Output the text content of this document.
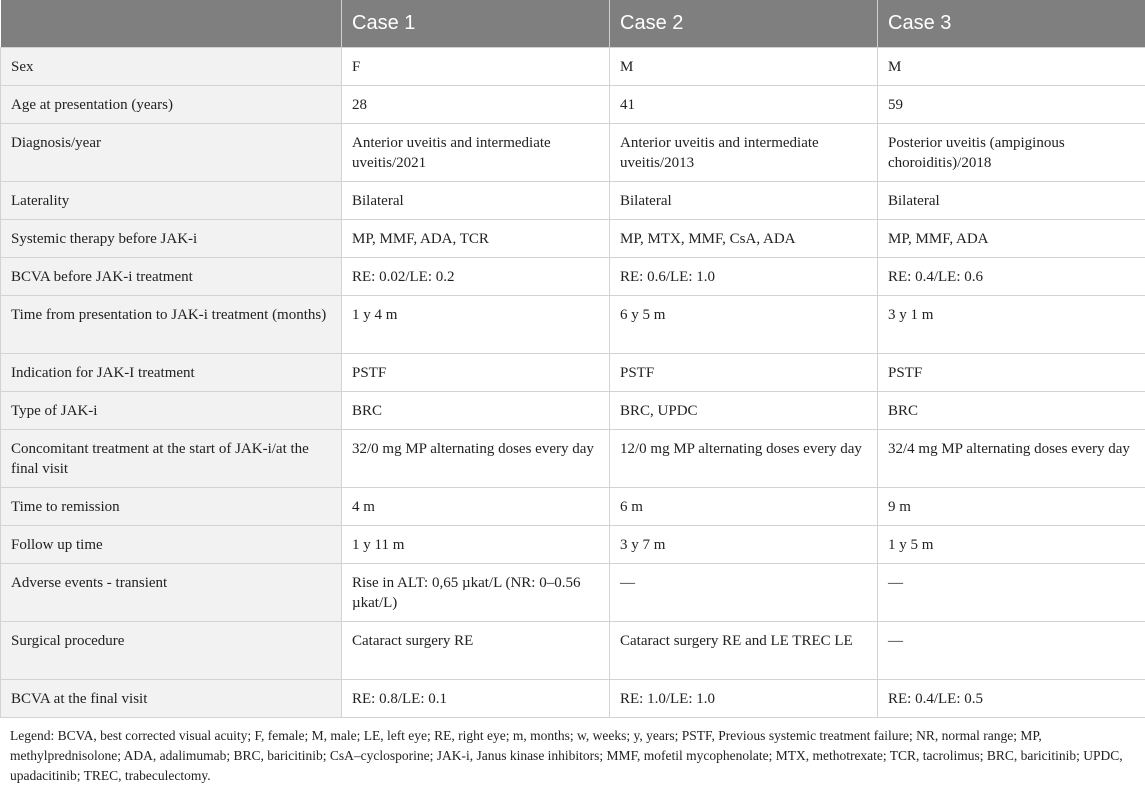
	Case 1	Case 2	Case 3
Sex	F	M	M
Age at presentation (years)	28	41	59
Diagnosis/year	Anterior uveitis and intermediate uveitis/2021	Anterior uveitis and intermediate uveitis/2013	Posterior uveitis (ampiginous choroiditis)/2018
Laterality	Bilateral	Bilateral	Bilateral
Systemic therapy before JAK-i	MP, MMF, ADA, TCR	MP, MTX, MMF, CsA, ADA	MP, MMF, ADA
BCVA before JAK-i treatment	RE: 0.02/LE: 0.2	RE: 0.6/LE: 1.0	RE: 0.4/LE: 0.6
Time from presentation to JAK-i treatment (months)	1 y 4 m	6 y 5 m	3 y 1 m
Indication for JAK-I treatment	PSTF	PSTF	PSTF
Type of JAK-i	BRC	BRC, UPDC	BRC
Concomitant treatment at the start of JAK-i/at the final visit	32/0 mg MP alternating doses every day	12/0 mg MP alternating doses every day	32/4 mg MP alternating doses every day
Time to remission	4 m	6 m	9 m
Follow up time	1 y 11 m	3 y 7 m	1 y 5 m
Adverse events - transient	Rise in ALT: 0,65 µkat/L (NR: 0–0.56 µkat/L)	—	—
Surgical procedure	Cataract surgery RE	Cataract surgery RE and LE TREC LE	—
BCVA at the final visit	RE: 0.8/LE: 0.1	RE: 1.0/LE: 1.0	RE: 0.4/LE: 0.5
Legend: BCVA, best corrected visual acuity; F, female; M, male; LE, left eye; RE, right eye; m, months; w, weeks; y, years; PSTF, Previous systemic treatment failure; NR, normal range; MP, methylprednisolone; ADA, adalimumab; BRC, baricitinib; CsA–cyclosporine; JAK-i, Janus kinase inhibitors; MMF, mofetil mycophenolate; MTX, methotrexate; TCR, tacrolimus; BRC, baricitinib; UPDC, upadacitinib; TREC, trabeculectomy.
